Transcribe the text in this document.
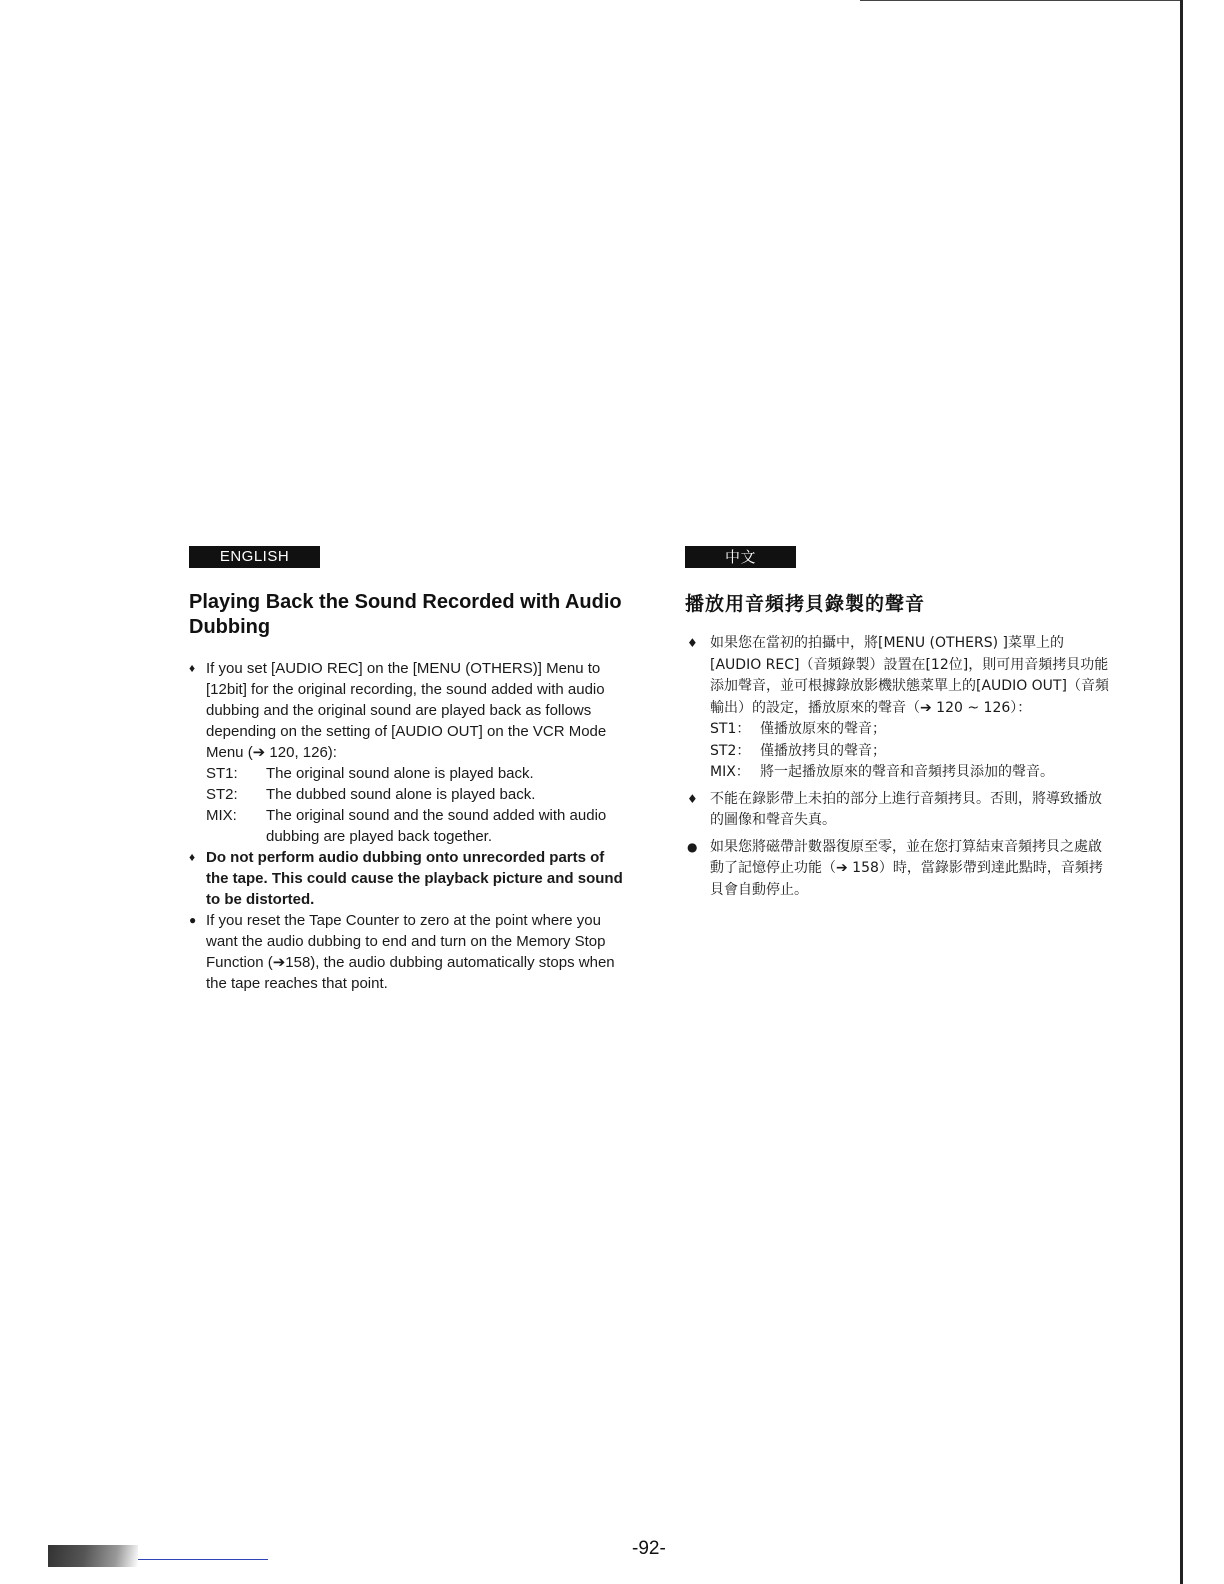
ENGLISH
Playing Back the Sound Recorded with Audio Dubbing
♦ If you set [AUDIO REC] on the [MENU (OTHERS)] Menu to [12bit] for the original recording, the sound added with audio dubbing and the original sound are played back as follows depending on the setting of [AUDIO OUT] on the VCR Mode Menu (➔ 120, 126):
ST1:	The original sound alone is played back.
ST2:	The dubbed sound alone is played back.
MIX:	The original sound and the sound added with audio dubbing are played back together.
♦ Do not perform audio dubbing onto unrecorded parts of the tape. This could cause the playback picture and sound to be distorted.
● If you reset the Tape Counter to zero at the point where you want the audio dubbing to end and turn on the Memory Stop Function (➔158), the audio dubbing automatically stops when the tape reaches that point.
中文
播放用音頻拷貝錄製的聲音
♦ 如果您在當初的拍攝中，將[MENU (OTHERS) ]菜單上的[AUDIO REC]（音頻錄製）設置在[12位]，則可用音頻拷貝功能添加聲音，並可根據錄放影機狀態菜單上的[AUDIO OUT]（音頻輸出）的設定，播放原來的聲音（➔ 120 ~ 126）：
ST1： 僅播放原來的聲音；
ST2： 僅播放拷貝的聲音；
MIX： 將一起播放原來的聲音和音頻拷貝添加的聲音。
♦ 不能在錄影帶上未拍的部分上進行音頻拷貝。否則，將導致播放的圖像和聲音失真。
● 如果您將磁帶計數器復原至零，並在您打算結束音頻拷貝之處啟動了記憶停止功能（➔ 158）時，當錄影帶到達此點時，音頻拷貝會自動停止。
-92-
